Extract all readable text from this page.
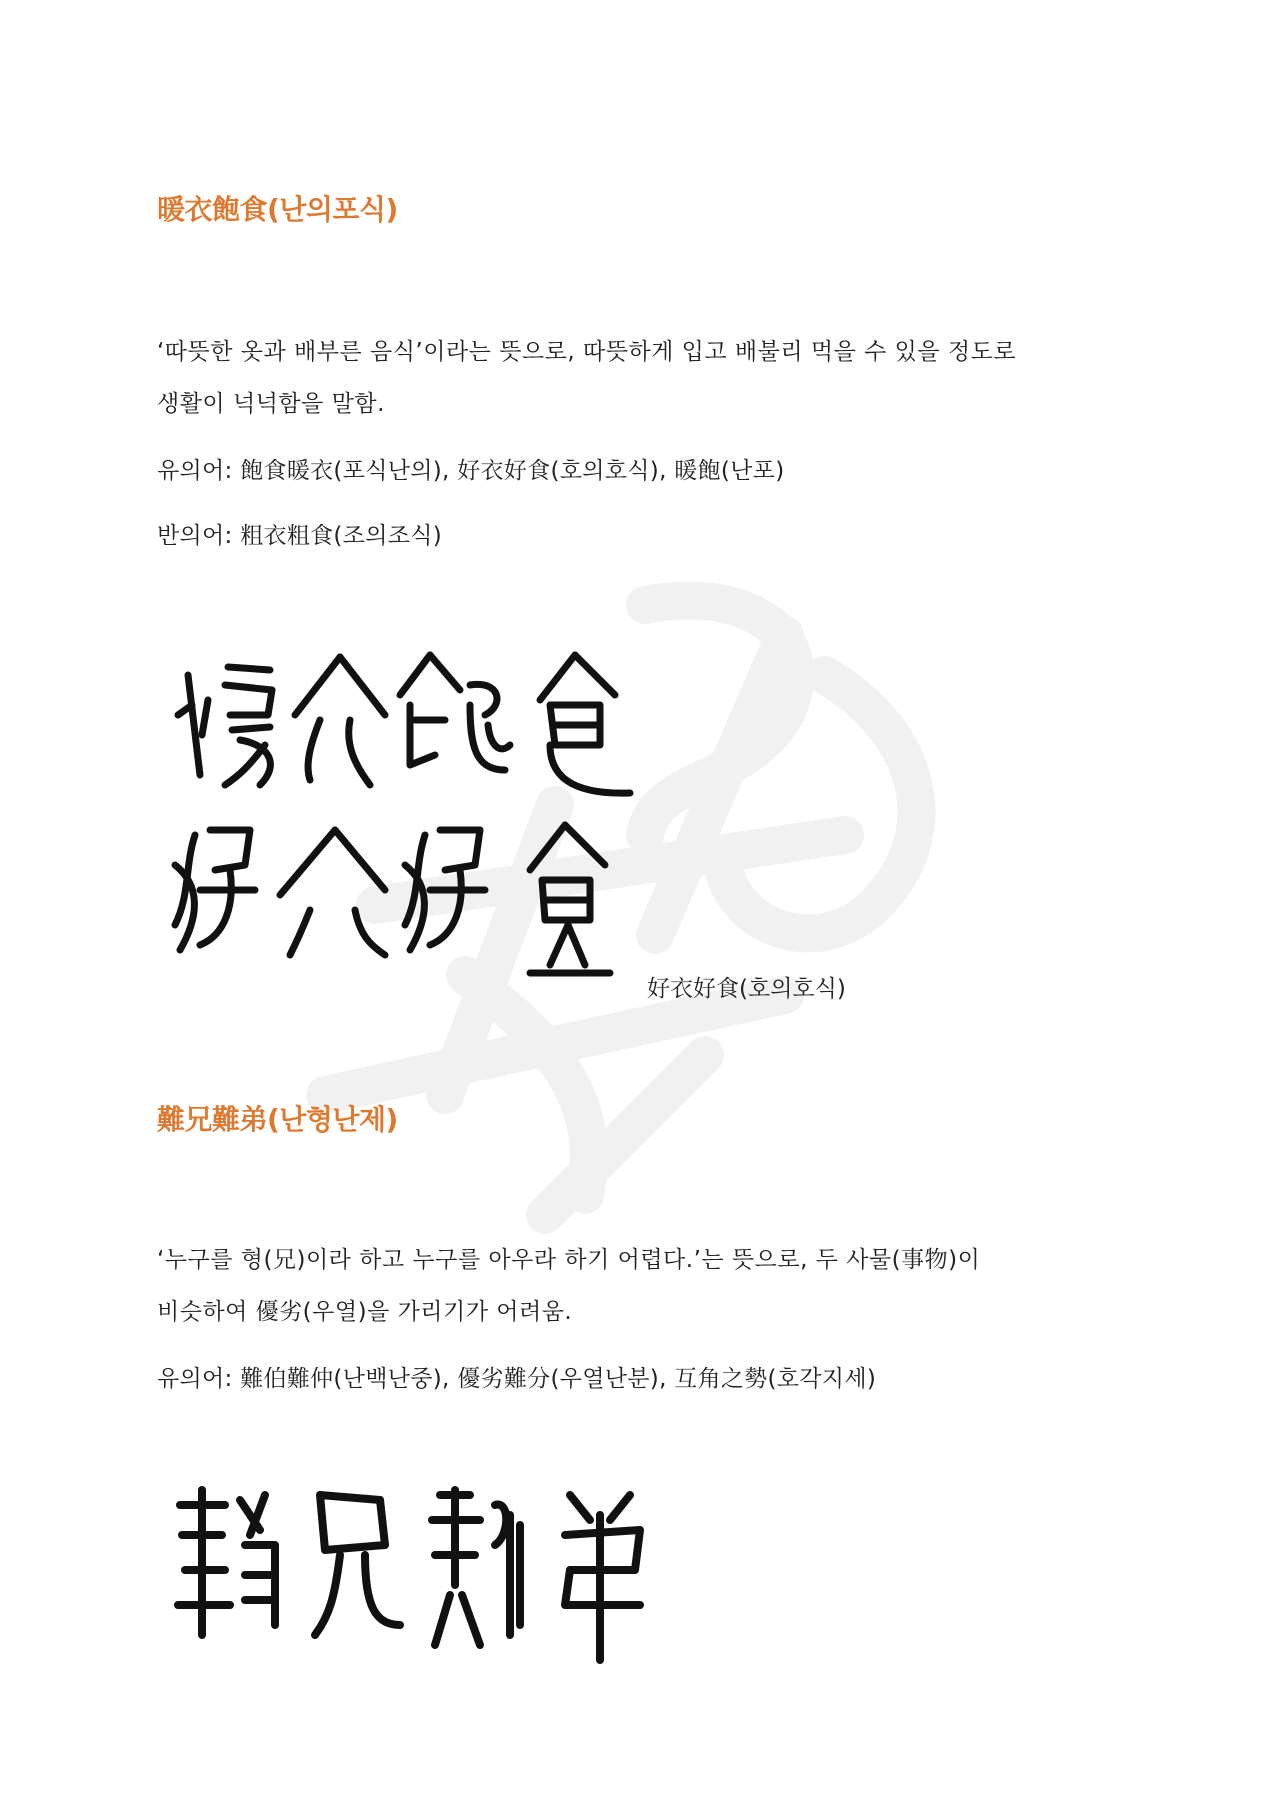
暖衣飽食(난의포식)

‘따뜻한 옷과 배부른 음식’이라는 뜻으로, 따뜻하게 입고 배불리 먹을 수 있을 정도로

생활이 넉넉함을 말함.

유의어: 飽食暖衣(포식난의), 好衣好食(호의호식), 暖飽(난포)
반의어: 粗衣粗食(조의조식)
好衣好食(호의호식)
難兄難弟(난형난제)

‘누구를 형(兄)이라 하고 누구를 아우라 하기 어렵다.’는 뜻으로, 두 사물(事物)이

비슷하여 優劣(우열)을 가리기가 어려움.

유의어: 難伯難仲(난백난중), 優劣難分(우열난분), 互角之勢(호각지세)
